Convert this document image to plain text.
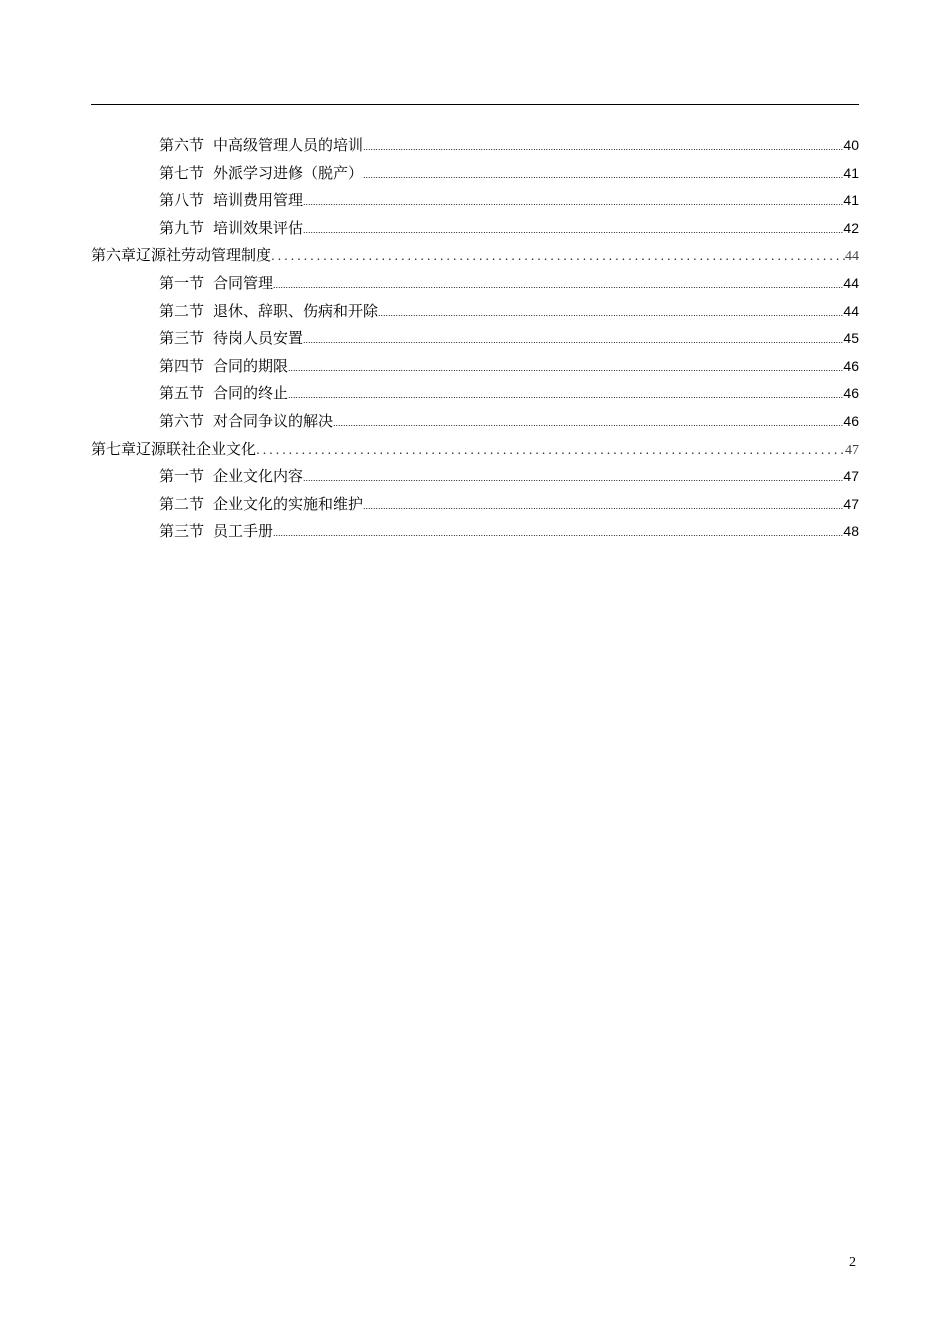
第六节 中高级管理人员的培训 .....	40
第七节 外派学习进修（脱产） .....	41
第八节 培训费用管理 .....	41
第九节 培训效果评估 .....	42
第六章 辽源社劳动管理制度 .....	44
第一节 合同管理 .....	44
第二节 退休、辞职、伤病和开除 .....	44
第三节 待岗人员安置 .....	45
第四节 合同的期限 .....	46
第五节 合同的终止 .....	46
第六节 对合同争议的解决 .....	46
第七章 辽源联社企业文化 .....	47
第一节 企业文化内容 .....	47
第二节 企业文化的实施和维护 .....	47
第三节 员工手册 .....	48
2
